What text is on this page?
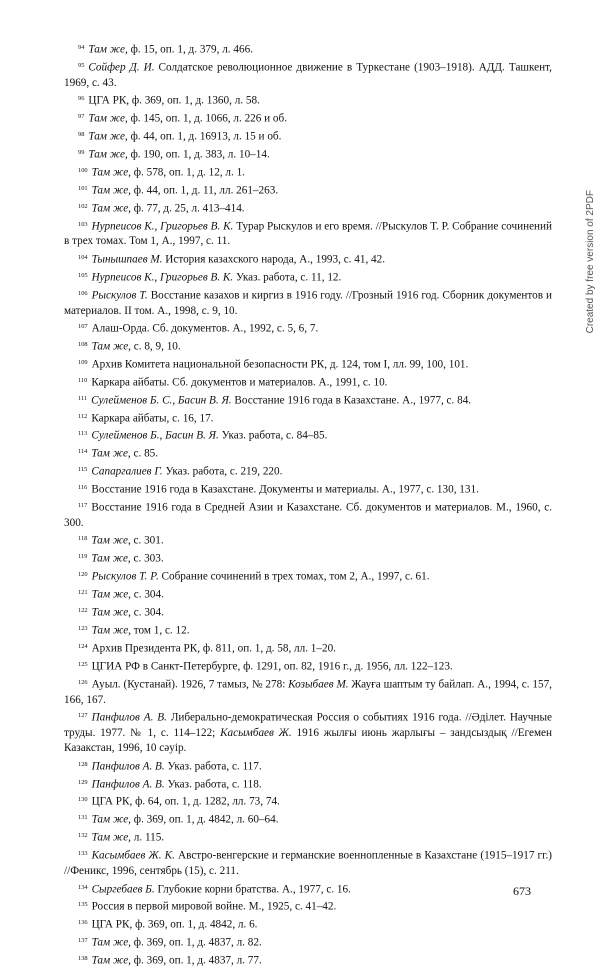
$^{94}$ Там же, ф. 15, оп. 1, д. 379, л. 466.

$^{95}$ Сойфер Д. И. Солдатское революционное движение в Туркестане (1903–1918). АДД. Ташкент, 1969, с. 43.

$^{96}$ ЦГА РК, ф. 369, оп. 1, д. 1360, л. 58.

$^{97}$ Там же, ф. 145, оп. 1, д. 1066, л. 226 и об.

$^{98}$ Там же, ф. 44, оп. 1, д. 16913, л. 15 и об.

$^{99}$ Там же, ф. 190, оп. 1, д. 383, л. 10–14.

$^{100}$ Там же, ф. 578, оп. 1, д. 12, л. 1.

$^{101}$ Там же, ф. 44, оп. 1, д. 11, лл. 261–263.

$^{102}$ Там же, ф. 77, д. 25, л. 413–414.

$^{103}$ Нурпеисов К., Григорьев В. К. Турар Рыскулов и его время. //Рыскулов Т. Р. Собрание сочинений в трех томах. Том 1, А., 1997, с. 11.

$^{104}$ Тынышпаев М. История казахского народа, А., 1993, с. 41, 42.

$^{105}$ Нурпеисов К., Григорьев В. К. Указ. работа, с. 11, 12.

$^{106}$ Рыскулов Т. Восстание казахов и киргиз в 1916 году. //Грозный 1916 год. Сборник документов и материалов. II том. А., 1998, с. 9, 10.

$^{107}$ Алаш-Орда. Сб. документов. А., 1992, с. 5, 6, 7.

$^{108}$ Там же, с. 8, 9, 10.

$^{109}$ Архив Комитета национальной безопасности РК, д. 124, том I, лл. 99, 100, 101.

$^{110}$ Каркара айбаты. Сб. документов и материалов. А., 1991, с. 10.

$^{111}$ Сулейменов Б. С., Басин В. Я. Восстание 1916 года в Казахстане. А., 1977, с. 84.

$^{112}$ Каркара айбаты, с. 16, 17.

$^{113}$ Сулейменов Б., Басин В. Я. Указ. работа, с. 84–85.

$^{114}$ Там же, с. 85.

$^{115}$ Сапаргалиев Г. Указ. работа, с. 219, 220.

$^{116}$ Восстание 1916 года в Казахстане. Документы и материалы. А., 1977, с. 130, 131.

$^{117}$ Восстание 1916 года в Средней Азии и Казахстане. Сб. документов и материалов. М., 1960, с. 300.

$^{118}$ Там же, с. 301.

$^{119}$ Там же, с. 303.

$^{120}$ Рыскулов Т. Р. Собрание сочинений в трех томах, том 2, А., 1997, с. 61.

$^{121}$ Там же, с. 304.

$^{122}$ Там же, с. 304.

$^{123}$ Там же, том 1, с. 12.

$^{124}$ Архив Президента РК, ф. 811, оп. 1, д. 58, лл. 1–20.

$^{125}$ ЦГИА РФ в Санкт-Петербурге, ф. 1291, оп. 82, 1916 г., д. 1956, лл. 122–123.

$^{126}$ Ауыл. (Кустанай). 1926, 7 тамыз, № 278: Козыбаев М. Жауға шаптым ту байлап. А., 1994, с. 157, 166, 167.

$^{127}$ Панфилов А. В. Либерально-демократическая Россия о событиях 1916 года. //Әділет. Научные труды. 1977. № 1, с. 114–122; Касымбаев Ж. 1916 жылғы июнь жарлығы – зандсыздық //Егемен Казакстан, 1996, 10 сәуір.

$^{128}$ Панфилов А. В. Указ. работа, с. 117.

$^{129}$ Панфилов А. В. Указ. работа, с. 118.

$^{130}$ ЦГА РК, ф. 64, оп. 1, д. 1282, лл. 73, 74.

$^{131}$ Там же, ф. 369, оп. 1, д. 4842, л. 60–64.

$^{132}$ Там же, л. 115.

$^{133}$ Касымбаев Ж. К. Австро-венгерские и германские военнопленные в Казахстане (1915–1917 гг.) //Феникс, 1996, сентябрь (15), с. 211.

$^{134}$ Сыргебаев Б. Глубокие корни братства. А., 1977, с. 16.

$^{135}$ Россия в первой мировой войне. М., 1925, с. 41–42.

$^{136}$ ЦГА РК, ф. 369, оп. 1, д. 4842, л. 6.

$^{137}$ Там же, ф. 369, оп. 1, д. 4837, л. 82.

$^{138}$ Там же, ф. 369, оп. 1, д. 4837, л. 77.

Created by free version of 2PDF
673
